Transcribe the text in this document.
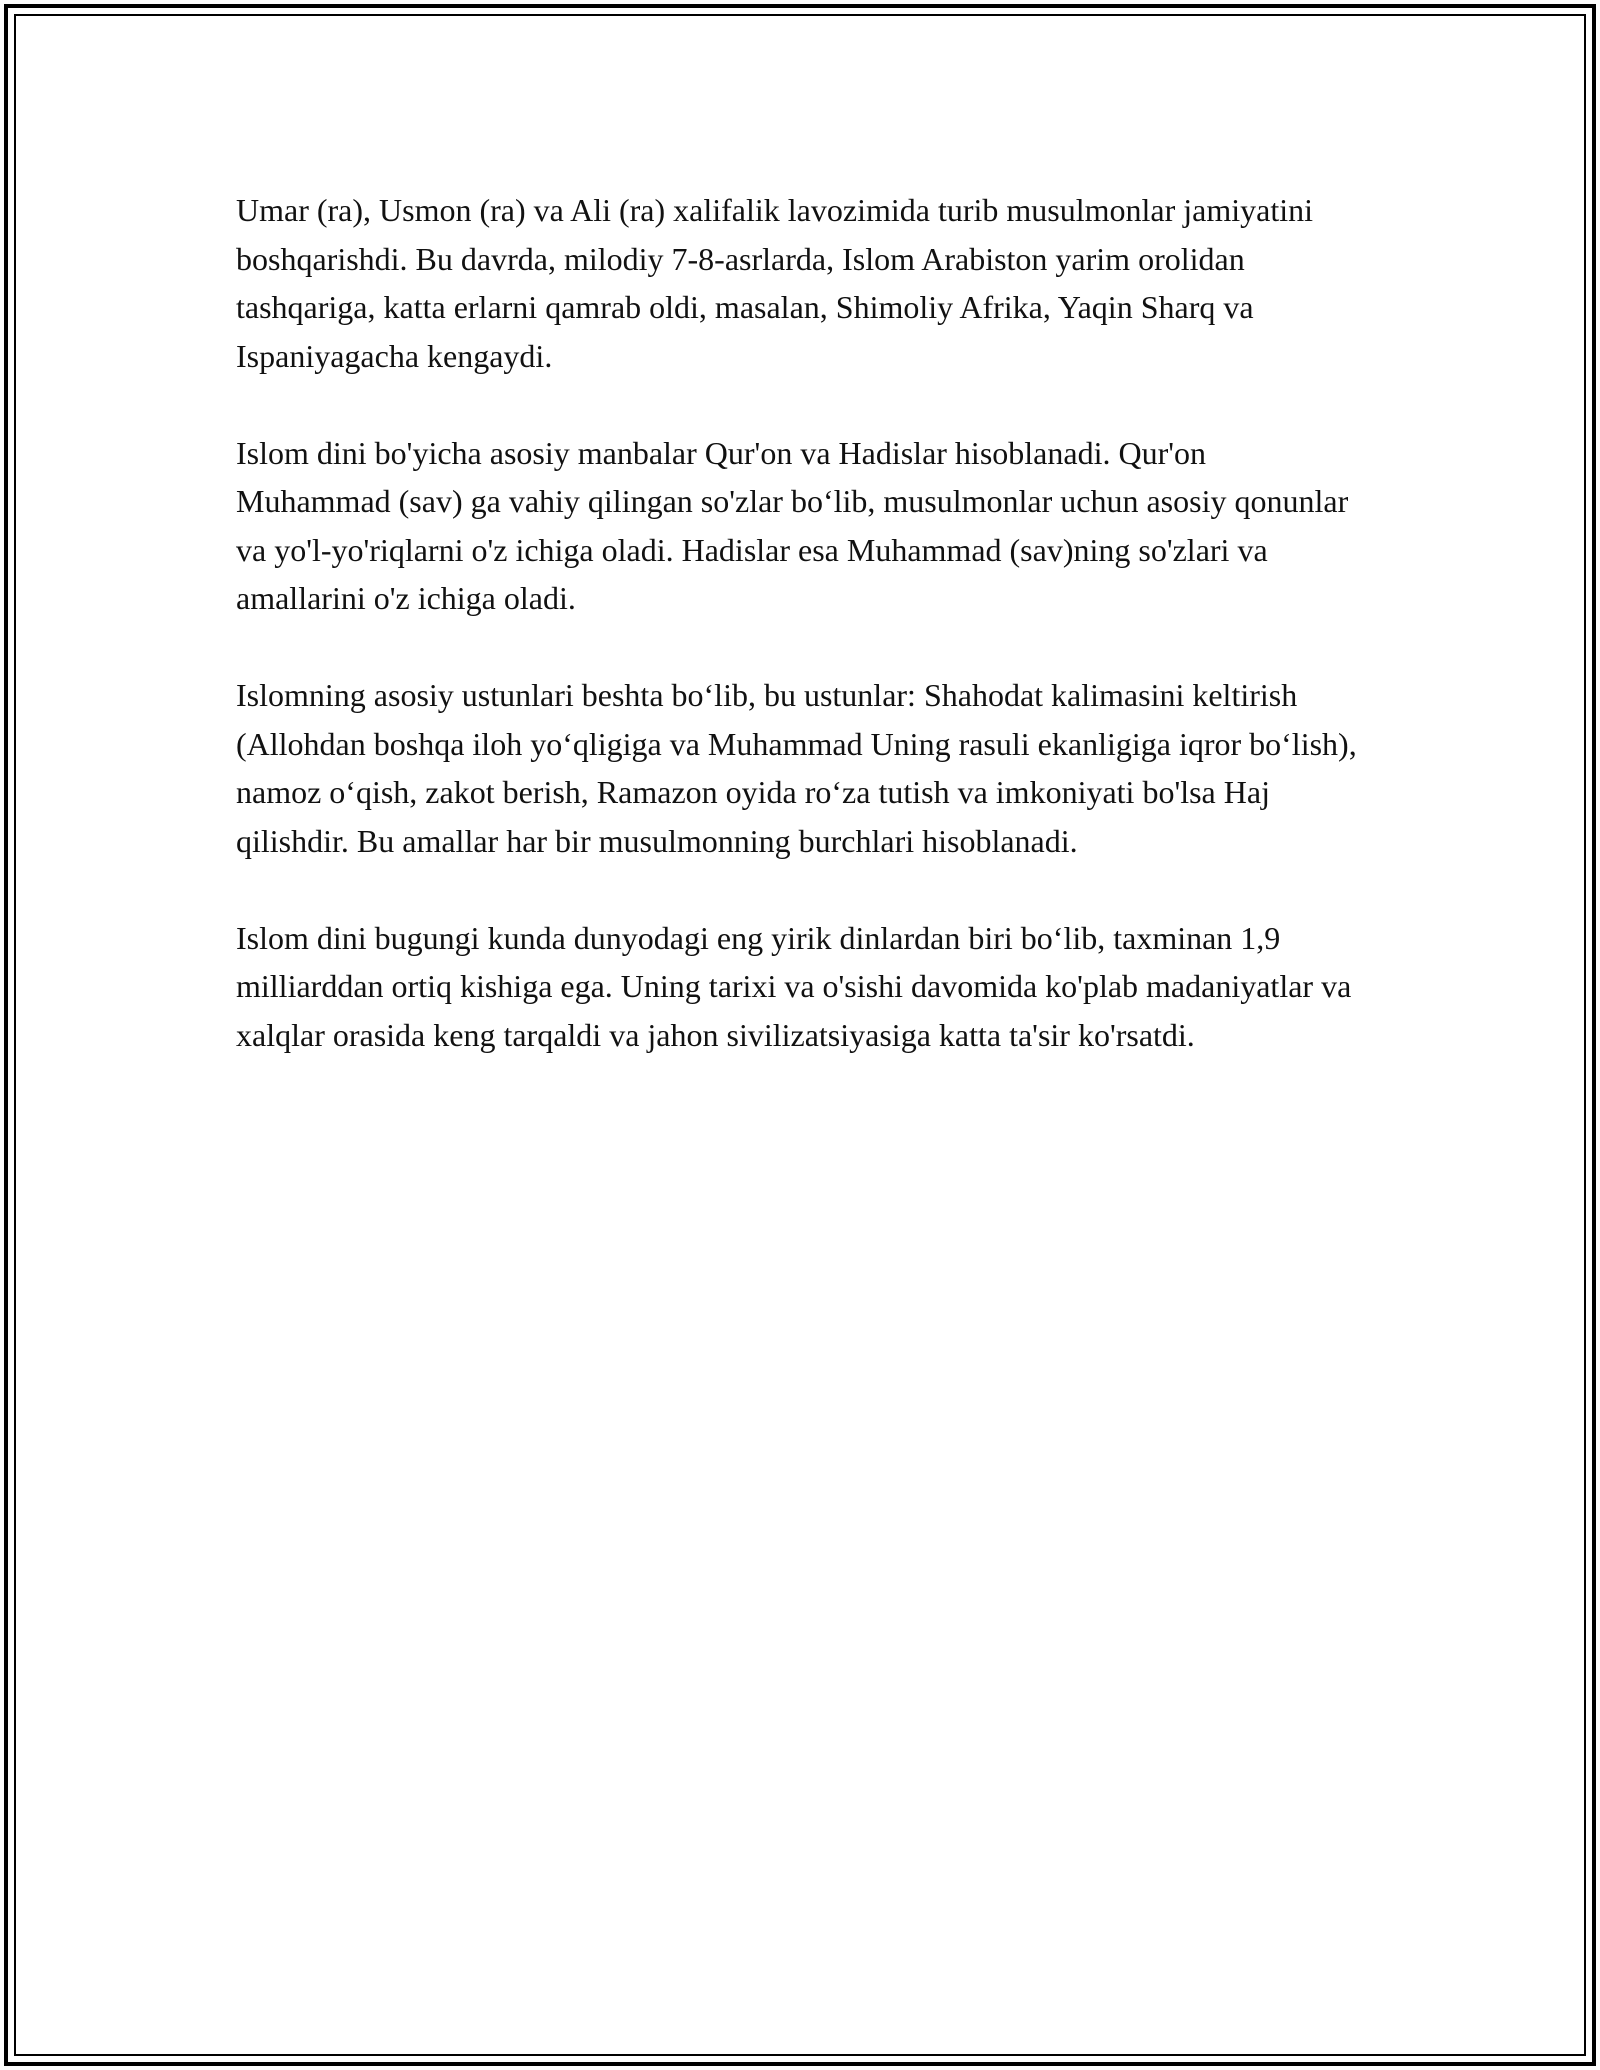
Umar (ra), Usmon (ra) va Ali (ra) xalifalik lavozimida turib musulmonlar jamiyatini boshqarishdi. Bu davrda, milodiy 7-8-asrlarda, Islom Arabiston yarim orolidan tashqariga, katta erlarni qamrab oldi, masalan, Shimoliy Afrika, Yaqin Sharq va Ispaniyagacha kengaydi.

Islom dini bo'yicha asosiy manbalar Qur'on va Hadislar hisoblanadi. Qur'on Muhammad (sav) ga vahiy qilingan so'zlar boʻlib, musulmonlar uchun asosiy qonunlar va yo'l-yo'riqlarni o'z ichiga oladi. Hadislar esa Muhammad (sav)ning so'zlari va amallarini o'z ichiga oladi.

Islomning asosiy ustunlari beshta boʻlib, bu ustunlar: Shahodat kalimasini keltirish (Allohdan boshqa iloh yoʻqligiga va Muhammad Uning rasuli ekanligiga iqror boʻlish), namoz oʻqish, zakot berish, Ramazon oyida roʻza tutish va imkoniyati bo'lsa Haj qilishdir. Bu amallar har bir musulmonning burchlari hisoblanadi.

Islom dini bugungi kunda dunyodagi eng yirik dinlardan biri boʻlib, taxminan 1,9 milliarddan ortiq kishiga ega. Uning tarixi va o'sishi davomida ko'plab madaniyatlar va xalqlar orasida keng tarqaldi va jahon sivilizatsiyasiga katta ta'sir ko'rsatdi.
